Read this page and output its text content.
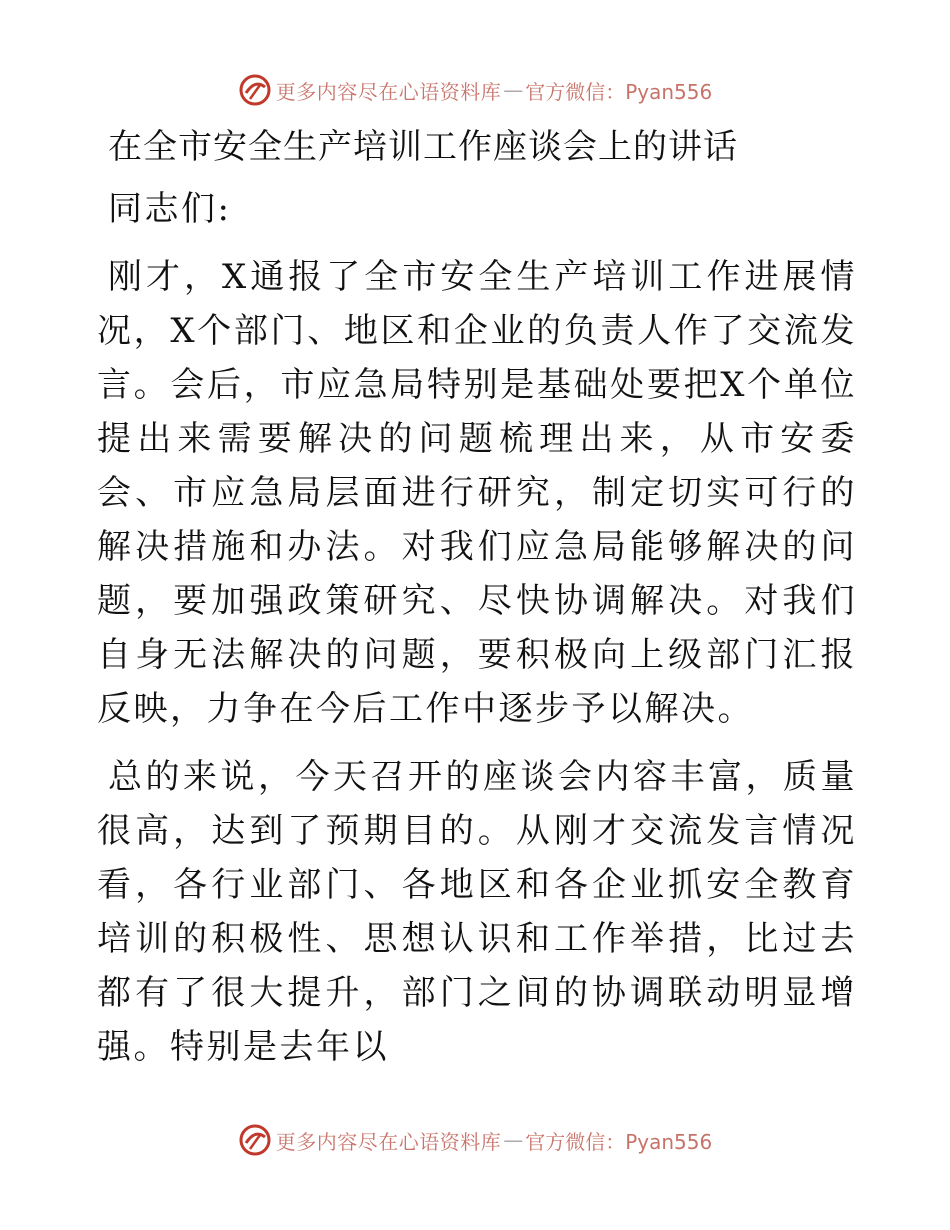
更多内容尽在心语资料库 — 官方微信：Pyan556
在全市安全生产培训工作座谈会上的讲话

同志们:

刚才，X通报了全市安全生产培训工作进展情况，X个部门、地区和企业的负责人作了交流发言。会后，市应急局特别是基础处要把X个单位提出来需要解决的问题梳理出来，从市安委会、市应急局层面进行研究，制定切实可行的解决措施和办法。对我们应急局能够解决的问题，要加强政策研究、尽快协调解决。对我们自身无法解决的问题，要积极向上级部门汇报反映，力争在今后工作中逐步予以解决。

总的来说，今天召开的座谈会内容丰富，质量很高，达到了预期目的。从刚才交流发言情况看，各行业部门、各地区和各企业抓安全教育培训的积极性、思想认识和工作举措，比过去都有了很大提升，部门之间的协调联动明显增强。特别是去年以

更多内容尽在心语资料库 — 官方微信：Pyan556
